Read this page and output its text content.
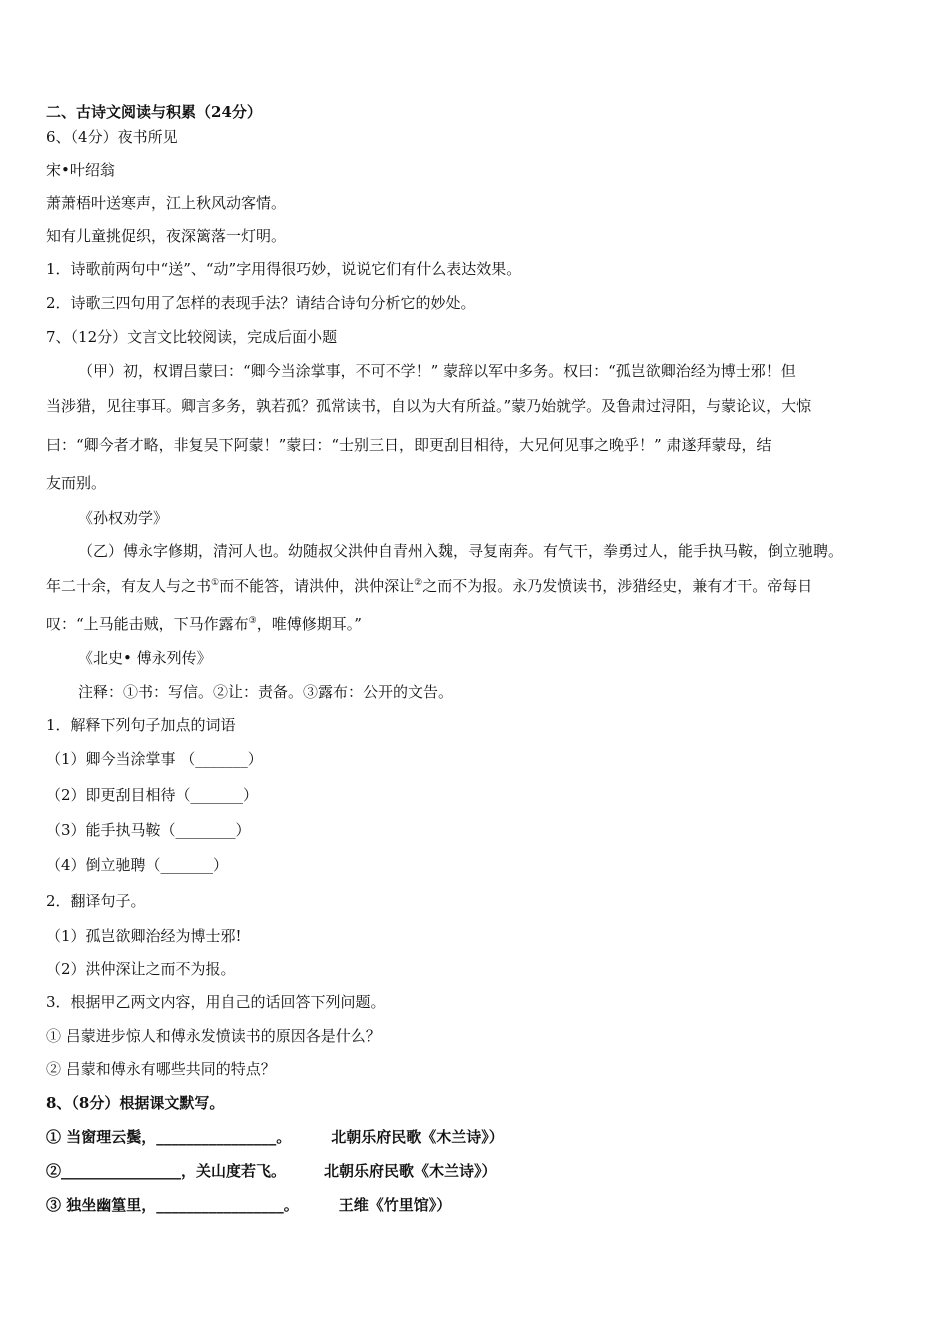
二、古诗文阅读与积累（24分）
6、（4分）夜书所见
宋•叶绍翁
萧萧梧叶送寒声，江上秋风动客情。
知有儿童挑促织，夜深篱落一灯明。
1．诗歌前两句中“送”、“动”字用得很巧妙，说说它们有什么表达效果。
2．诗歌三四句用了怎样的表现手法？请结合诗句分析它的妙处。
7、（12分）文言文比较阅读，完成后面小题
（甲）初，权谓吕蒙曰：“卿今当涂掌事，不可不学！” 蒙辞以军中多务。权曰：“孤岂欲卿治经为博士邪！但
当涉猎，见往事耳。卿言多务，孰若孤？孤常读书，自以为大有所益。”蒙乃始就学。及鲁肃过浔阳，与蒙论议，大惊
曰：“卿今者才略，非复吴下阿蒙！”蒙曰：“士别三日，即更刮目相待，大兄何见事之晚乎！” 肃遂拜蒙母，结
友而别。
《孙权劝学》
（乙）傅永字修期，清河人也。幼随叔父洪仲自青州入魏，寻复南奔。有气干，拳勇过人，能手执马鞍，倒立驰聘。
年二十余，有友人与之书①而不能答，请洪仲，洪仲深让②之而不为报。永乃发愤读书，涉猎经史，兼有才干。帝每日
叹：“上马能击贼，下马作露布③，唯傅修期耳。”
《北史• 傅永列传》
注释：①书：写信。②让：责备。③露布：公开的文告。
1．解释下列句子加点的词语
（1）卿今当涂掌事 （_______）
（2）即更刮目相待（_______）
（3）能手执马鞍（________）
（4）倒立驰聘（_______）
2．翻译句子。
（1）孤岂欲卿治经为博士邪!
（2）洪仲深让之而不为报。
3．根据甲乙两文内容，用自己的话回答下列问题。
① 吕蒙进步惊人和傅永发愤读书的原因各是什么？
② 吕蒙和傅永有哪些共同的特点？
8、（8分）根据课文默写。
① 当窗理云鬓，________________。	北朝乐府民歌《木兰诗》）
②________________，关山度若飞。	北朝乐府民歌《木兰诗》）
③ 独坐幽篁里，_________________。	王维《竹里馆》）
